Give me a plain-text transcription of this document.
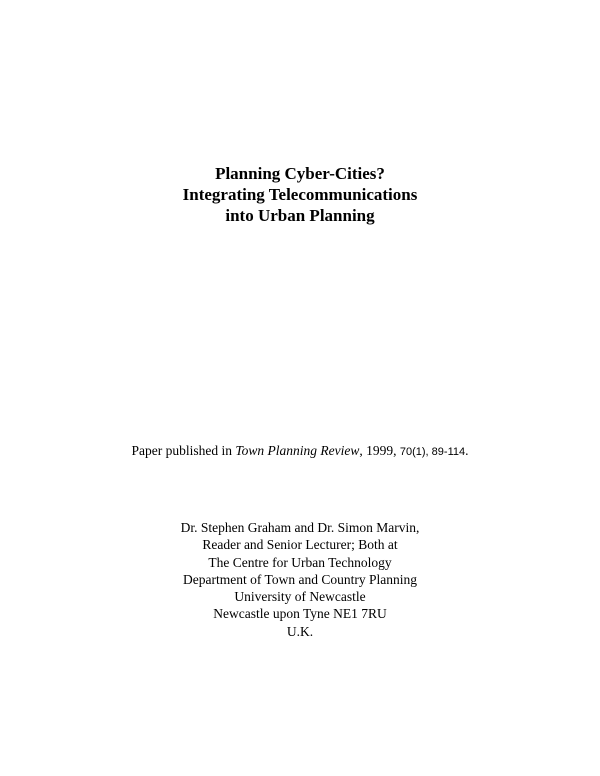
Planning Cyber-Cities?
Integrating Telecommunications
into Urban Planning
Paper published in Town Planning Review, 1999, 70(1), 89-114.
Dr. Stephen Graham and Dr. Simon Marvin,
Reader and Senior Lecturer; Both at
The Centre for Urban Technology
Department of Town and Country Planning
University of Newcastle
Newcastle upon Tyne NE1 7RU
U.K.
